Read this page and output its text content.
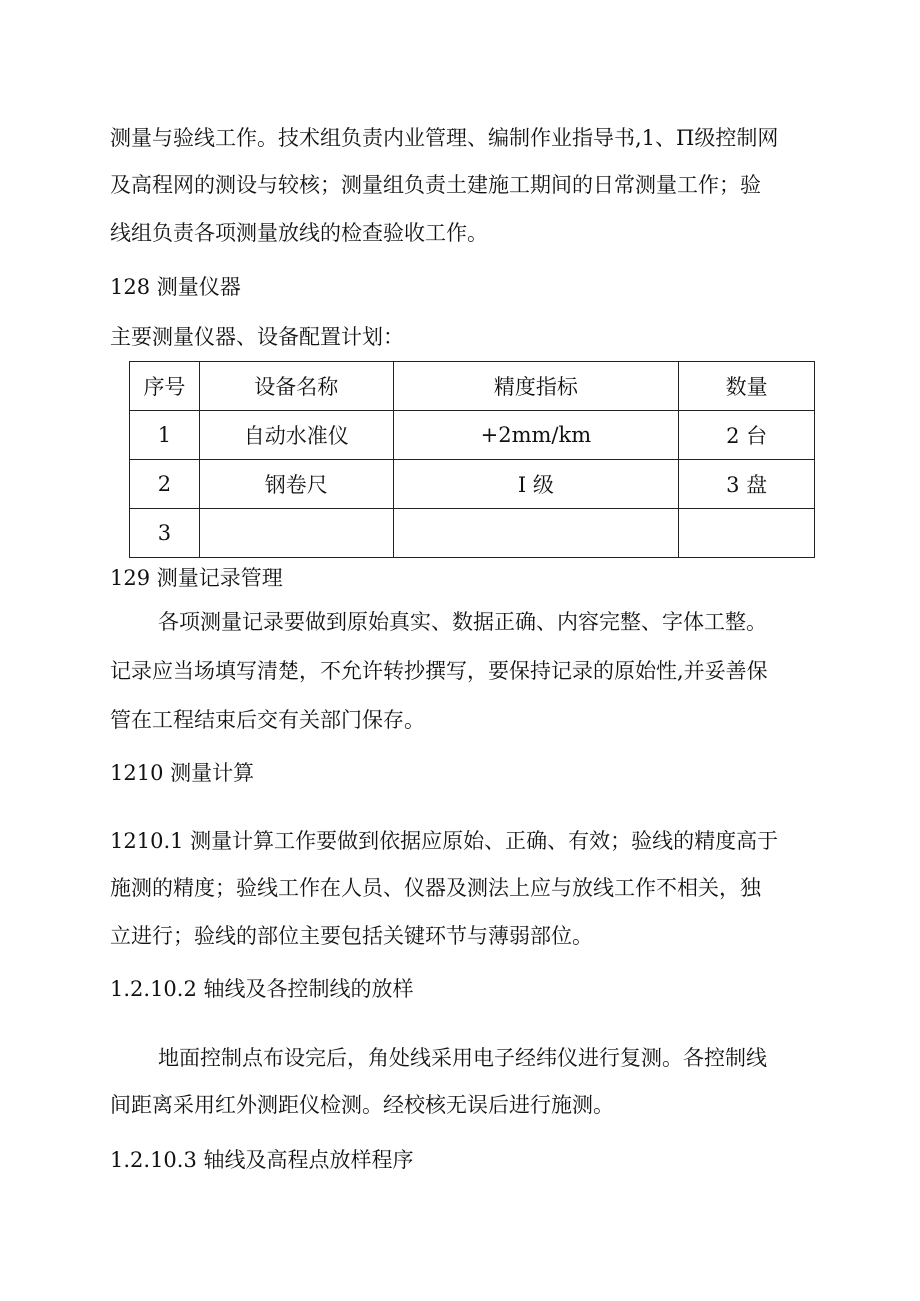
测量与验线工作。技术组负责内业管理、编制作业指导书,1、Π级控制网
及高程网的测设与较核；测量组负责土建施工期间的日常测量工作；验
线组负责各项测量放线的检查验收工作。
128 测量仪器
主要测量仪器、设备配置计划：
序号	设备名称	精度指标	数量
1	自动水准仪	+2mm∕km	2 台
2	钢卷尺	I 级	3 盘
3			
129 测量记录管理
各项测量记录要做到原始真实、数据正确、内容完整、字体工整。
记录应当场填写清楚，不允许转抄撰写，要保持记录的原始性,并妥善保
管在工程结束后交有关部门保存。
1210 测量计算
1210.1 测量计算工作要做到依据应原始、正确、有效；验线的精度高于
施测的精度；验线工作在人员、仪器及测法上应与放线工作不相关，独
立进行；验线的部位主要包括关键环节与薄弱部位。
1.2.10.2 轴线及各控制线的放样
地面控制点布设完后，角处线采用电子经纬仪进行复测。各控制线
间距离采用红外测距仪检测。经校核无误后进行施测。
1.2.10.3 轴线及高程点放样程序
